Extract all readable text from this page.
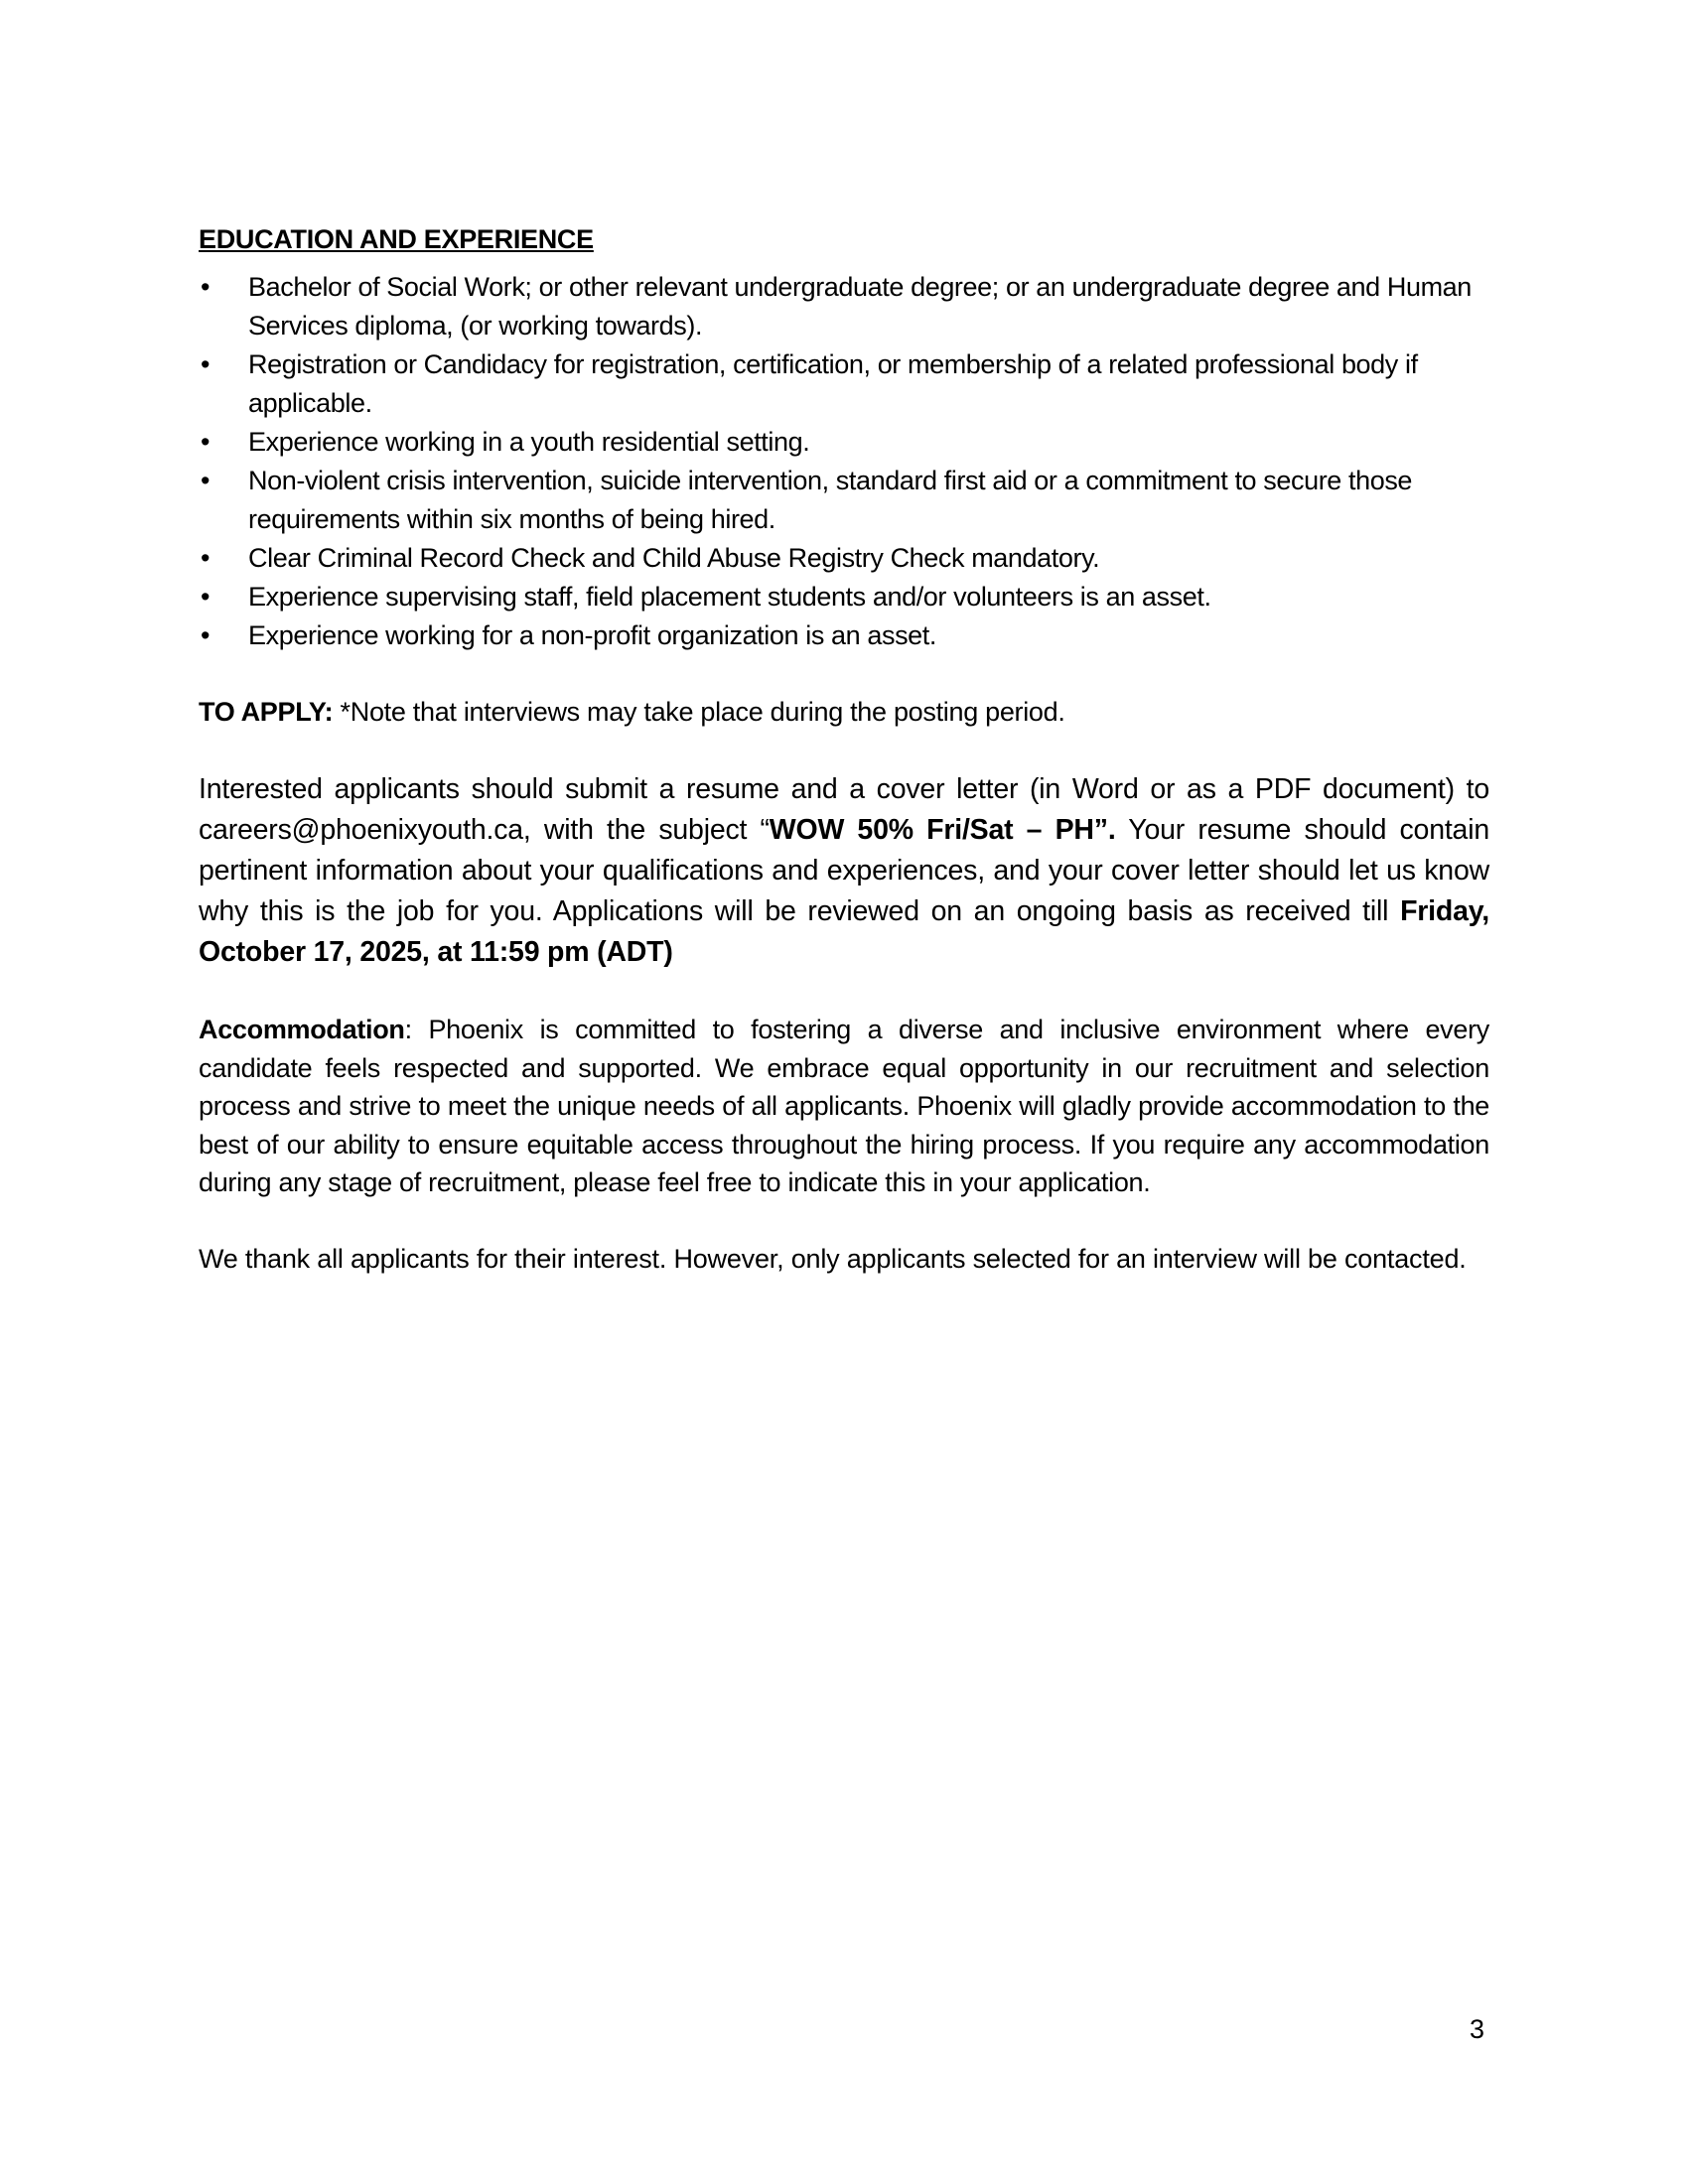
EDUCATION AND EXPERIENCE
• Bachelor of Social Work; or other relevant undergraduate degree; or an undergraduate degree and Human Services diploma, (or working towards).
• Registration or Candidacy for registration, certification, or membership of a related professional body if applicable.
• Experience working in a youth residential setting.
• Non-violent crisis intervention, suicide intervention, standard first aid or a commitment to secure those requirements within six months of being hired.
• Clear Criminal Record Check and Child Abuse Registry Check mandatory.
• Experience supervising staff, field placement students and/or volunteers is an asset.
• Experience working for a non-profit organization is an asset.
TO APPLY: *Note that interviews may take place during the posting period.
Interested applicants should submit a resume and a cover letter (in Word or as a PDF document) to careers@phoenixyouth.ca, with the subject “WOW 50% Fri/Sat – PH”. Your resume should contain pertinent information about your qualifications and experiences, and your cover letter should let us know why this is the job for you. Applications will be reviewed on an ongoing basis as received till Friday, October 17, 2025, at 11:59 pm (ADT)
Accommodation: Phoenix is committed to fostering a diverse and inclusive environment where every candidate feels respected and supported. We embrace equal opportunity in our recruitment and selection process and strive to meet the unique needs of all applicants. Phoenix will gladly provide accommodation to the best of our ability to ensure equitable access throughout the hiring process. If you require any accommodation during any stage of recruitment, please feel free to indicate this in your application.
We thank all applicants for their interest. However, only applicants selected for an interview will be contacted.
3
